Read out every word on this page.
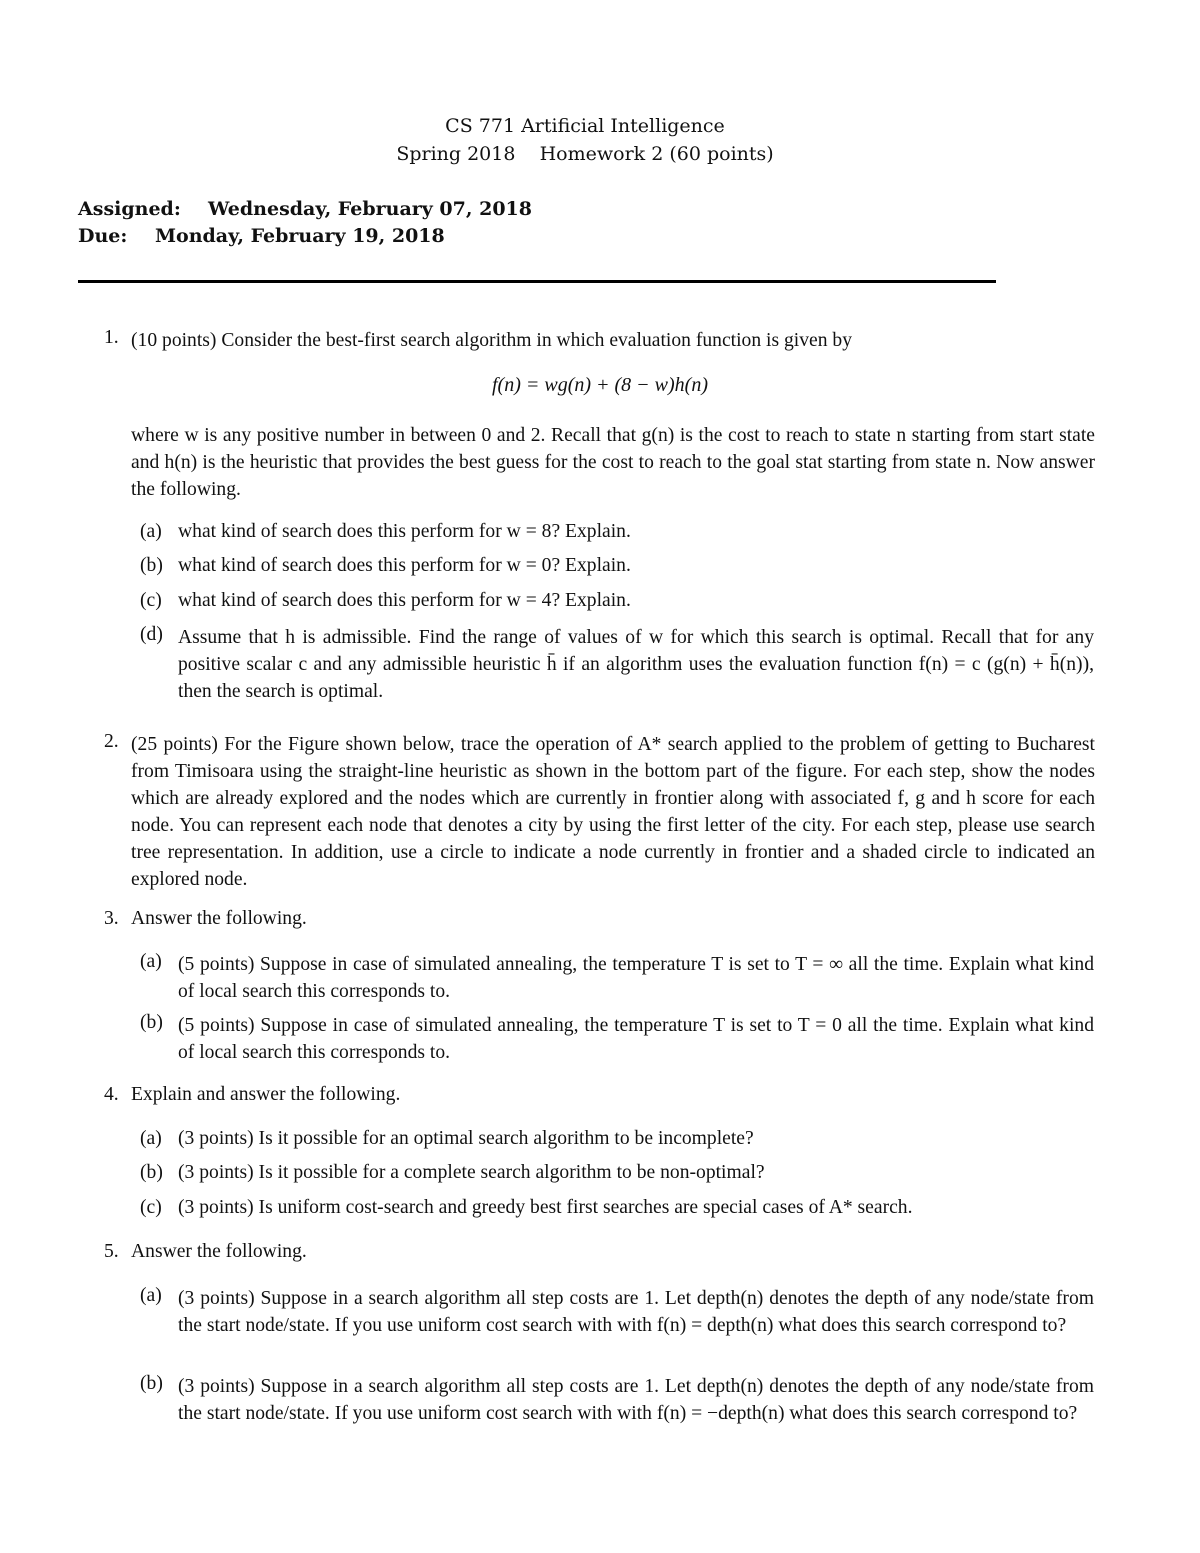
CS 771 Artificial Intelligence
Spring 2018    Homework 2 (60 points)
Assigned: Wednesday, February 07, 2018
Due: Monday, February 19, 2018
1. (10 points) Consider the best-first search algorithm in which evaluation function is given by
f(n) = wg(n) + (8 − w)h(n)
where w is any positive number in between 0 and 2. Recall that g(n) is the cost to reach to state n starting from start state and h(n) is the heuristic that provides the best guess for the cost to reach to the goal stat starting from state n. Now answer the following.
(a) what kind of search does this perform for w = 8? Explain.
(b) what kind of search does this perform for w = 0? Explain.
(c) what kind of search does this perform for w = 4? Explain.
(d) Assume that h is admissible. Find the range of values of w for which this search is optimal. Recall that for any positive scalar c and any admissible heuristic h̄ if an algorithm uses the evaluation function f(n) = c (g(n) + h̄(n)), then the search is optimal.
2. (25 points) For the Figure shown below, trace the operation of A* search applied to the problem of getting to Bucharest from Timisoara using the straight-line heuristic as shown in the bottom part of the figure. For each step, show the nodes which are already explored and the nodes which are currently in frontier along with associated f, g and h score for each node. You can represent each node that denotes a city by using the first letter of the city. For each step, please use search tree representation. In addition, use a circle to indicate a node currently in frontier and a shaded circle to indicated an explored node.
3. Answer the following.
(a) (5 points) Suppose in case of simulated annealing, the temperature T is set to T = ∞ all the time. Explain what kind of local search this corresponds to.
(b) (5 points) Suppose in case of simulated annealing, the temperature T is set to T = 0 all the time. Explain what kind of local search this corresponds to.
4. Explain and answer the following.
(a) (3 points) Is it possible for an optimal search algorithm to be incomplete?
(b) (3 points) Is it possible for a complete search algorithm to be non-optimal?
(c) (3 points) Is uniform cost-search and greedy best first searches are special cases of A* search.
5. Answer the following.
(a) (3 points) Suppose in a search algorithm all step costs are 1. Let depth(n) denotes the depth of any node/state from the start node/state. If you use uniform cost search with with f(n) = depth(n) what does this search correspond to?
(b) (3 points) Suppose in a search algorithm all step costs are 1. Let depth(n) denotes the depth of any node/state from the start node/state. If you use uniform cost search with with f(n) = −depth(n) what does this search correspond to?
